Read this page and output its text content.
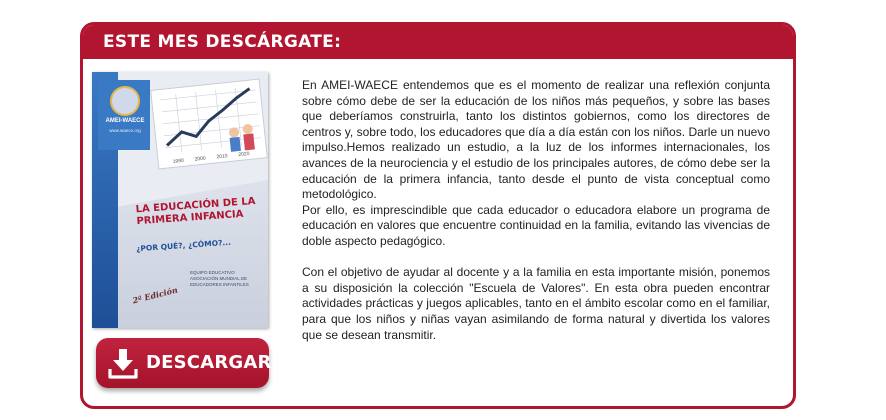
ESTE MES DESCÁRGATE:
AMEI-WAECE
www.waece.org
1990 2000 2010 2020
LA EDUCACIÓN DE LA PRIMERA INFANCIA
¿POR QUÉ?, ¿CÓMO?...
EQUIPO EDUCATIVO ASOCIACIÓN MUNDIAL DE EDUCADORES INFANTILES
2ª Edición

En AMEI-WAECE entendemos que es el momento de realizar una reflexión conjunta sobre cómo debe de ser la educación de los niños más pequeños, y sobre las bases que deberíamos construirla, tanto los distintos gobiernos, como los directores de centros y, sobre todo, los educadores que día a día están con los niños. Darle un nuevo impulso.Hemos realizado un estudio, a la luz de los informes internacionales, los avances de la neurociencia y el estudio de los principales autores, de cómo debe ser la educación de la primera infancia, tanto desde el punto de vista conceptual como metodológico.

Por ello, es imprescindible que cada educador o educadora elabore un programa de educación en valores que encuentre continuidad en la familia, evitando las vivencias de doble aspecto pedagógico.

Con el objetivo de ayudar al docente y a la familia en esta importante misión, ponemos a su disposición la colección "Escuela de Valores". En esta obra pueden encontrar actividades prácticas y juegos aplicables, tanto en el ámbito escolar como en el familiar, para que los niños y niñas vayan asimilando de forma natural y divertida los valores que se desean transmitir.

DESCARGAR
